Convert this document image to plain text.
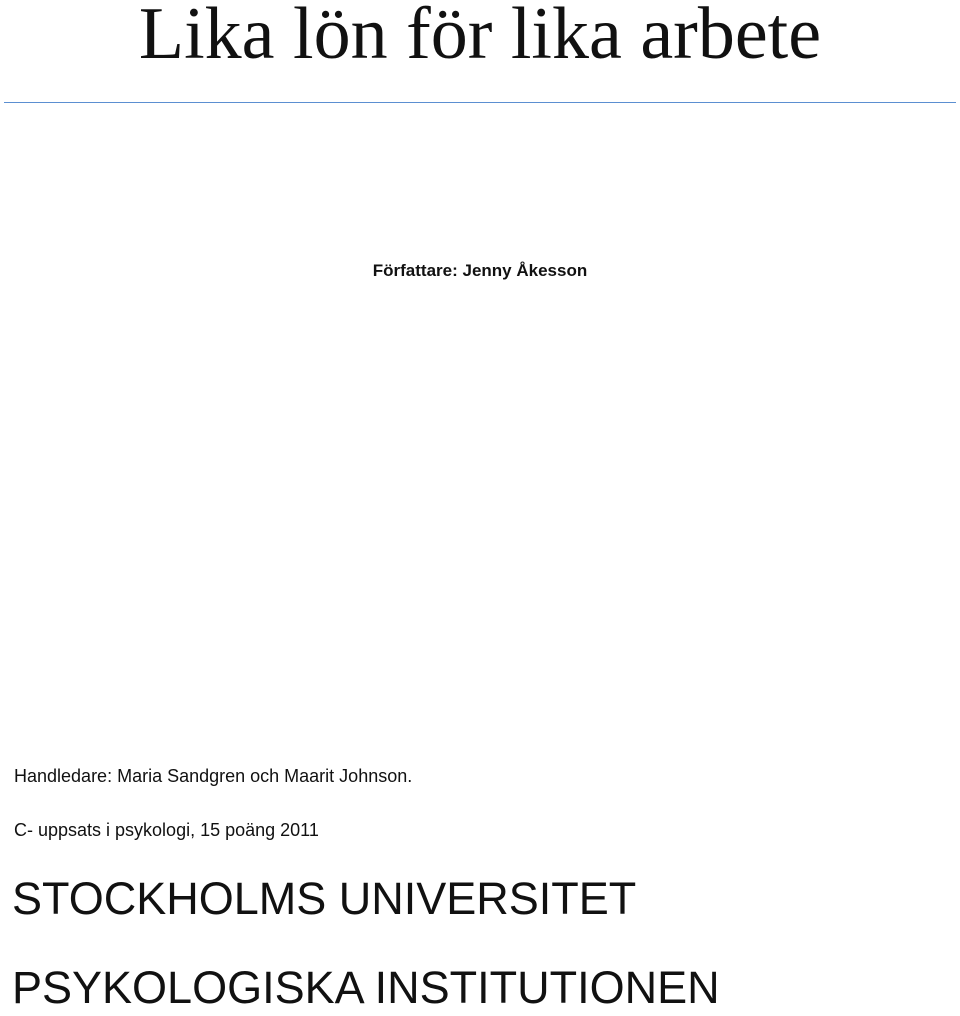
Lika lön för lika arbete
Författare: Jenny Åkesson
Handledare: Maria Sandgren och Maarit Johnson.
C- uppsats i psykologi, 15 poäng 2011
STOCKHOLMS UNIVERSITET
PSYKOLOGISKA INSTITUTIONEN
